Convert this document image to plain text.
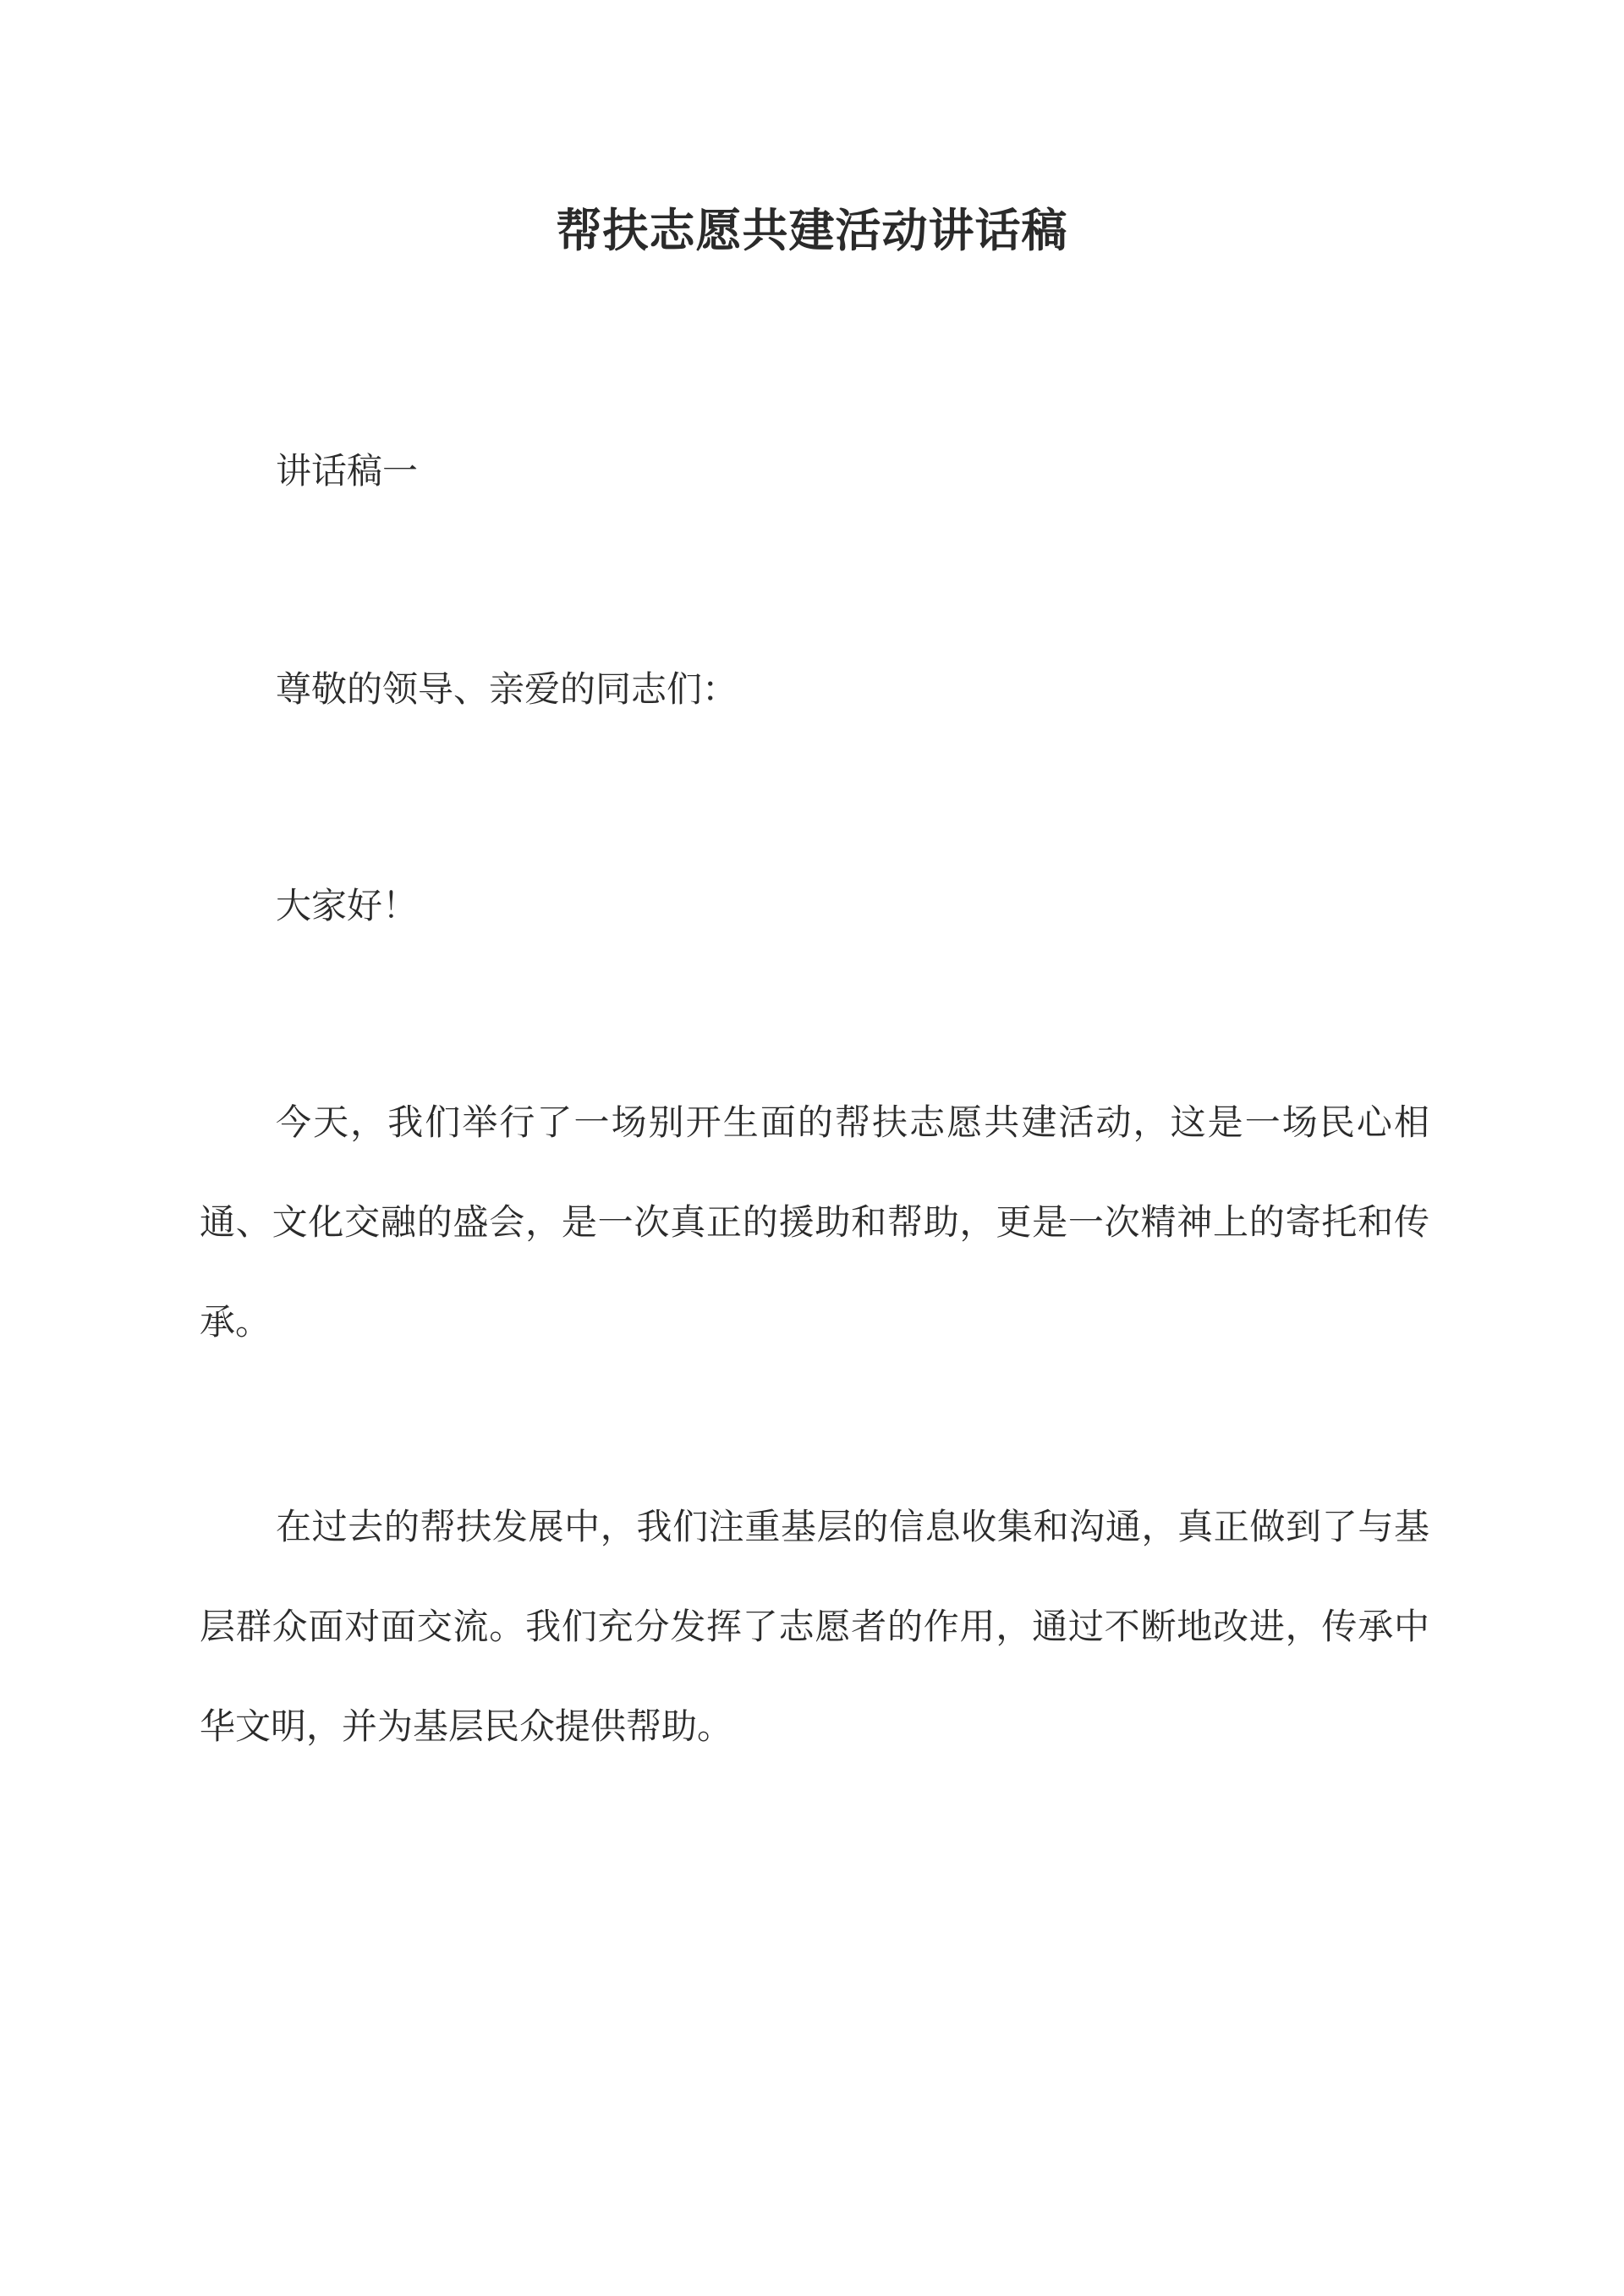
帮扶志愿共建活动讲话稿

讲话稿一

尊敬的领导、亲爱的同志们：

大家好！

今天，我们举行了一场别开生面的帮扶志愿共建活动，这是一场民心相通、文化交融的盛会，是一次真正的援助和帮助，更是一次精神上的寄托和传承。

在过去的帮扶发展中，我们注重基层的信息收集和沟通，真正做到了与基层群众面对面交流。我们充分发挥了志愿者的作用，通过不断地改进，传承中华文明，并为基层民众提供帮助。
